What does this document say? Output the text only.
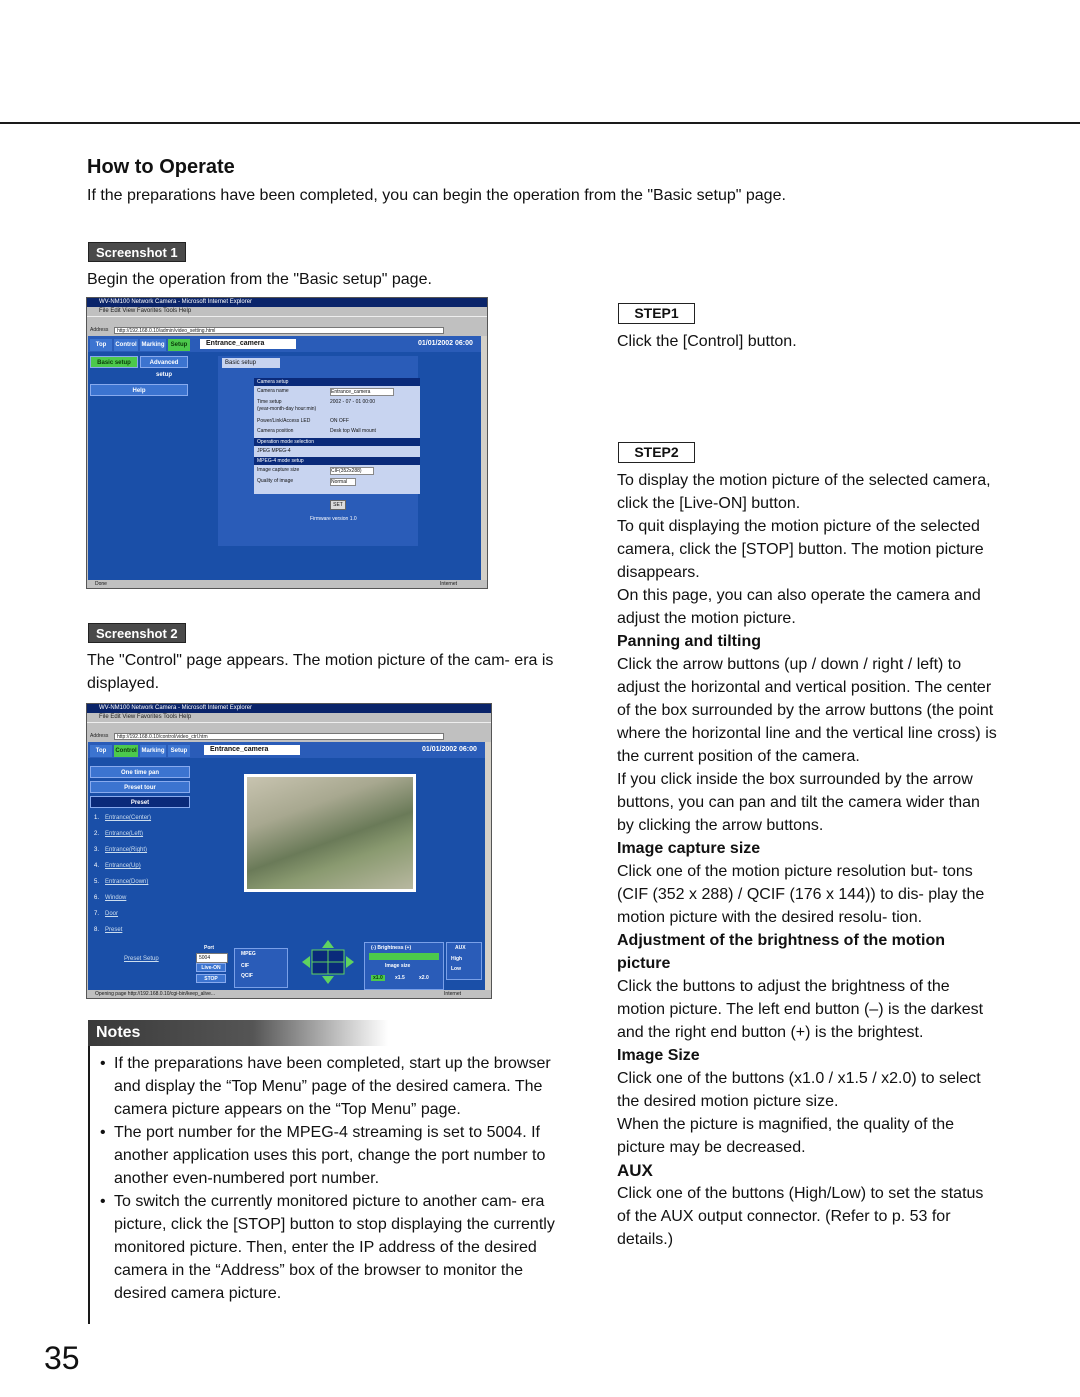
How to Operate
If the preparations have been completed, you can begin the operation from the "Basic setup" page.
Screenshot 1
Begin the operation from the "Basic setup" page.
WV-NM100 Network Camera - Microsoft Internet Explorer
File Edit View Favorites Tools Help
Address	http://192.168.0.10/admin/video_setting.html
Top	Control Marking	Setup	Entrance_camera	01/01/2002 06:00
Basic setup	Advanced setup
Help
Basic setup
Camera setup
Camera name	Entrance_camera
Time setup	2002 - 07 - 01 00:00
(year-month-day hour:min)
Power/Link/Access LED	ON OFF
Camera position	Desk top Wall mount
Operation mode selection
JPEG MPEG-4
MPEG-4 mode setup
Image capture size	CIF(352x288)
Quality of image	Normal
SET
Firmware version 1.0
Done	Internet
Screenshot 2
The "Control" page appears. The motion picture of the cam- era is displayed.
WV-NM100 Network Camera - Microsoft Internet Explorer
File Edit View Favorites Tools Help
Address	http://192.168.0.10/control/video_ctrl.htm
Top	Control Marking	Setup	Entrance_camera	01/01/2002 06:00
One time pan
Preset tour
Preset
1. Entrance(Center)
2. Entrance(Left)
3. Entrance(Right)
4. Entrance(Up)
5. Entrance(Down)
6. Window
7. Door
8. Preset
Preset Setup
Port
5004
Live-ON
STOP
MPEG
CIF
QCIF
(-) Brightness (+)
Image size
x1.0	x1.5	x2.0
AUX
High
Low
Opening page http://192.168.0.10/cgi-bin/keep_alive...	Internet
STEP1
Click the [Control] button.
STEP2

To display the motion picture of the selected camera, click the [Live-ON] button.

To quit displaying the motion picture of the selected camera, click the [STOP] button. The motion picture disappears.

On this page, you can also operate the camera and adjust the motion picture.

Panning and tilting

Click the arrow buttons (up / down / right / left) to adjust the horizontal and vertical position. The center of the box surrounded by the arrow buttons (the point where the horizontal line and the vertical line cross) is the current position of the camera.

If you click inside the box surrounded by the arrow buttons, you can pan and tilt the camera wider than by clicking the arrow buttons.

Image capture size

Click one of the motion picture resolution but- tons (CIF (352 x 288) / QCIF (176 x 144)) to dis- play the motion picture with the desired resolu- tion.

Adjustment of the brightness of the motion picture

Click the buttons to adjust the brightness of the motion picture. The left end button (–) is the darkest and the right end button (+) is the brightest.

Image Size

Click one of the buttons (x1.0 / x1.5 / x2.0) to select the desired motion picture size.

When the picture is magnified, the quality of the picture may be decreased.

AUX

Click one of the buttons (High/Low) to set the status of the AUX output connector. (Refer to p. 53 for details.)

Notes
• If the preparations have been completed, start up the browser and display the “Top Menu” page of the desired camera. The camera picture appears on the “Top Menu” page.
• The port number for the MPEG-4 streaming is set to 5004. If another application uses this port, change the port number to another even-numbered port number.
• To switch the currently monitored picture to another cam- era picture, click the [STOP] button to stop displaying the currently monitored picture. Then, enter the IP address of the desired camera in the “Address” box of the browser to monitor the desired camera picture.
35
